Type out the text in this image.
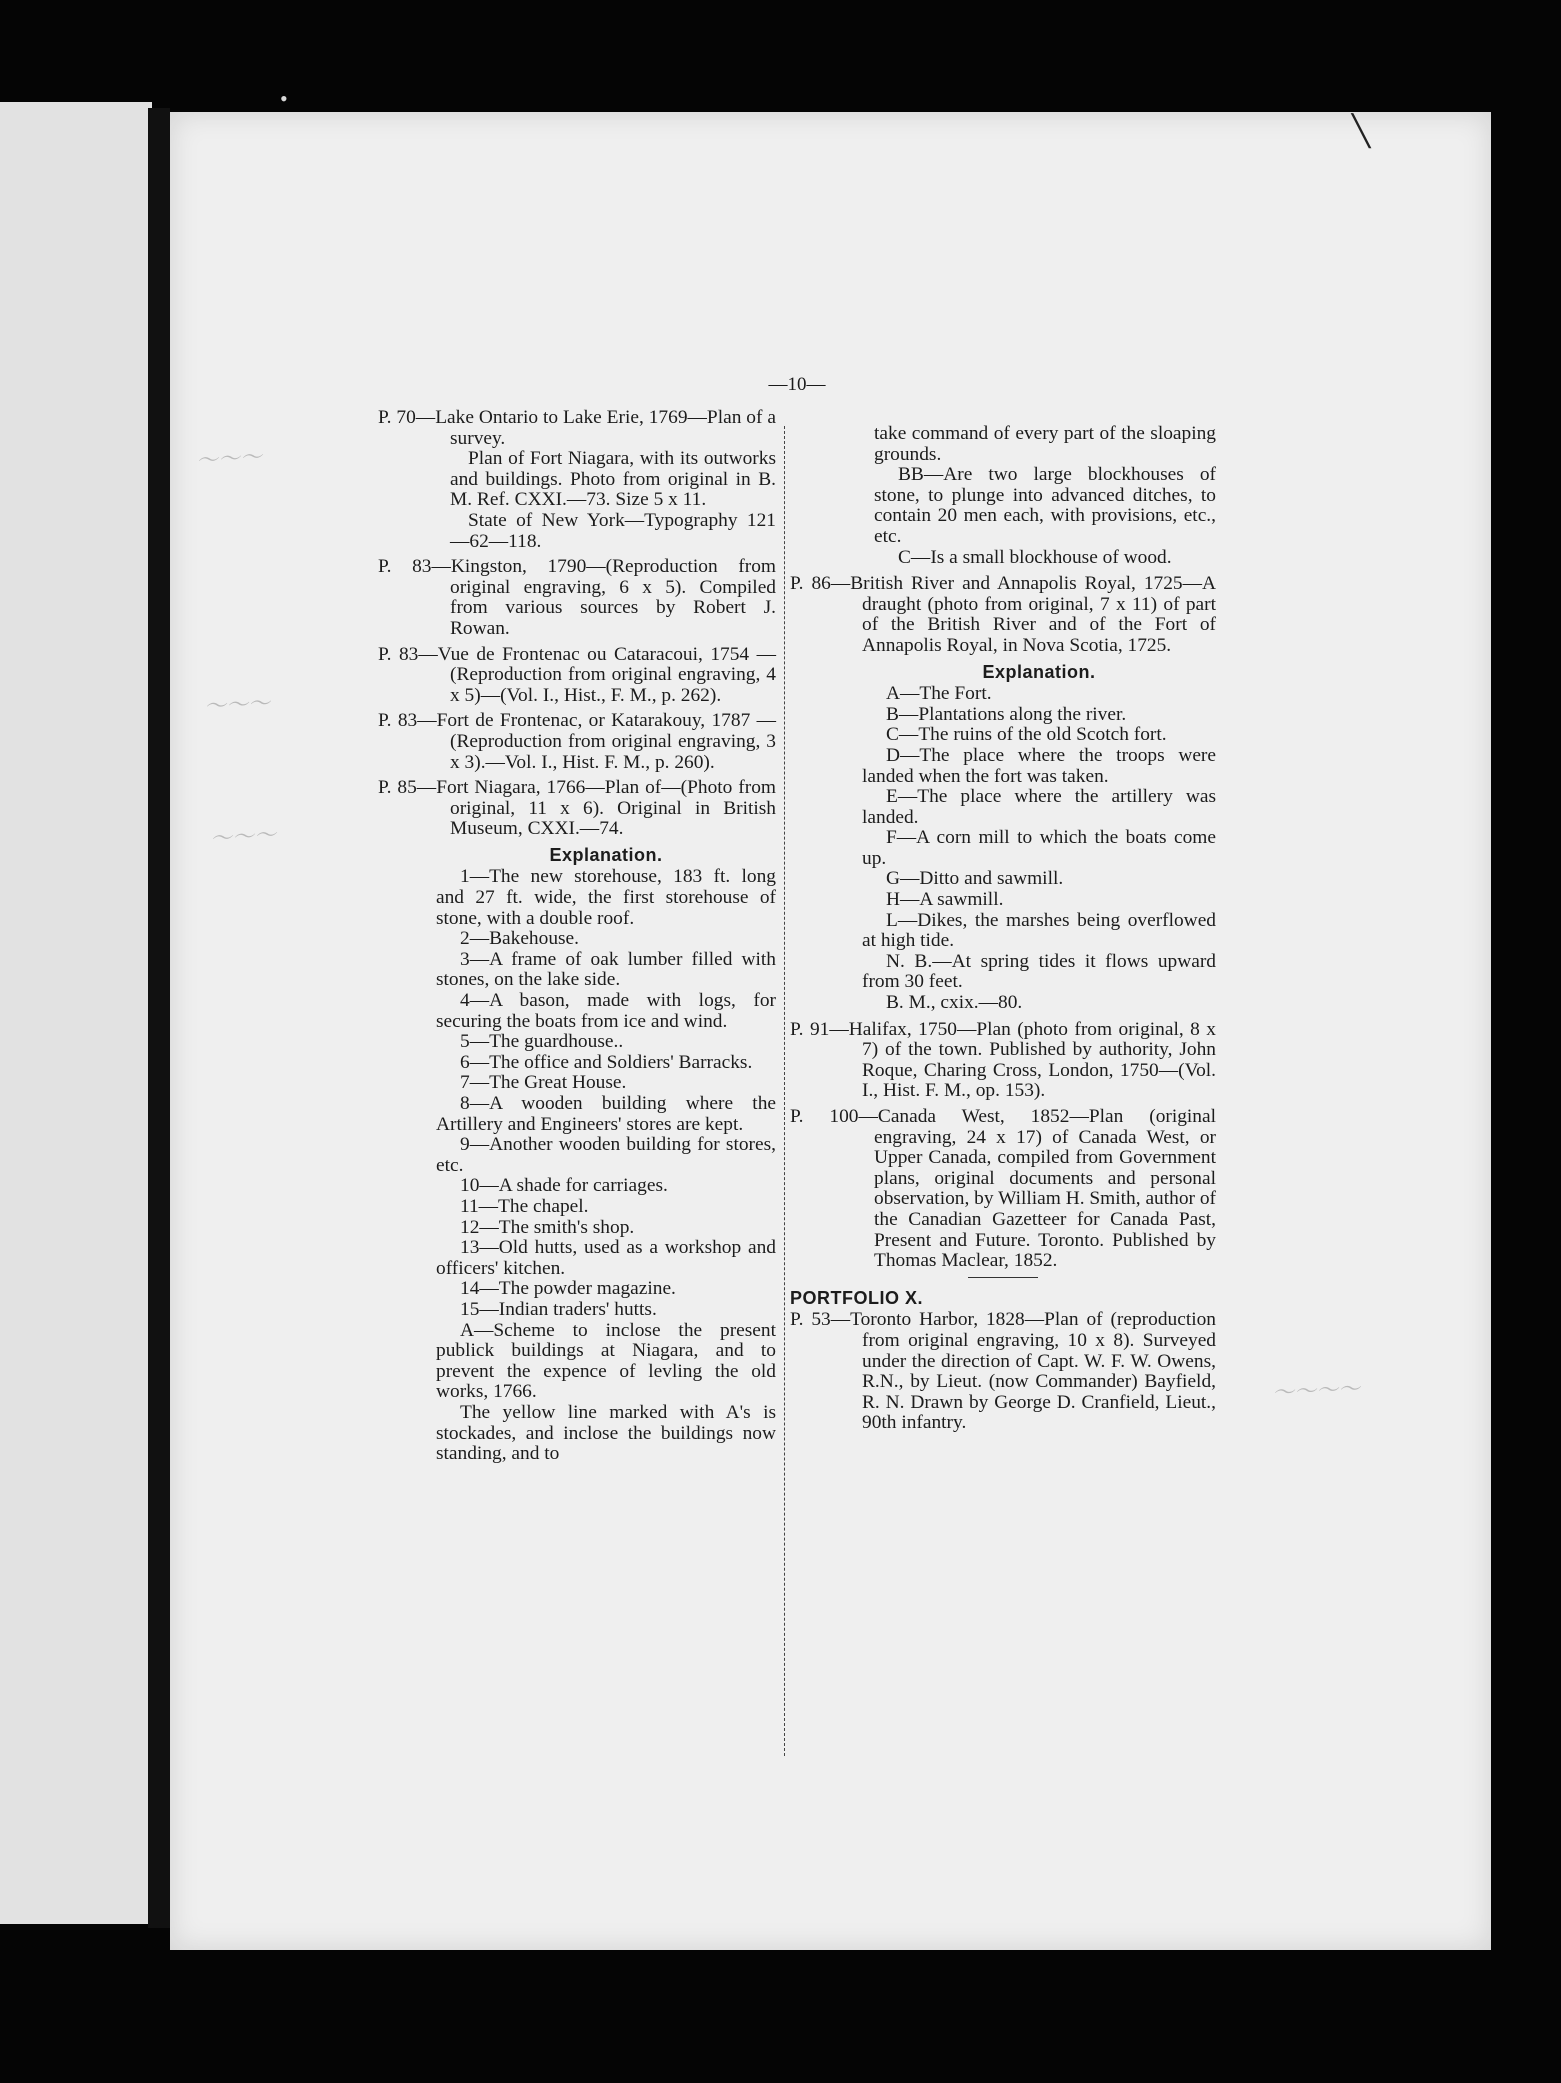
•
╲
—10—
～～～
～～～
～～～
～～～～
P. 70—Lake Ontario to Lake Erie, 1769—Plan of a survey.
Plan of Fort Niagara, with its outworks and buildings. Photo from original in B. M. Ref. CXXI.—73. Size 5 x 11.
State of New York—Typography 121—62—118.
P. 83—Kingston, 1790—(Reproduction from original engraving, 6 x 5). Compiled from various sources by Robert J. Rowan.
P. 83—Vue de Frontenac ou Cataracoui, 1754 — (Reproduction from original engraving, 4 x 5)—(Vol. I., Hist., F. M., p. 262).
P. 83—Fort de Frontenac, or Katarakouy, 1787 — (Reproduction from original engraving, 3 x 3).—Vol. I., Hist. F. M., p. 260).
P. 85—Fort Niagara, 1766—Plan of—(Photo from original, 11 x 6). Original in British Museum, CXXI.—74.
Explanation.

1—The new storehouse, 183 ft. long and 27 ft. wide, the first storehouse of stone, with a double roof.

2—Bakehouse.

3—A frame of oak lumber filled with stones, on the lake side.

4—A bason, made with logs, for securing the boats from ice and wind.

5—The guardhouse..

6—The office and Soldiers' Barracks.

7—The Great House.

8—A wooden building where the Artillery and Engineers' stores are kept.

9—Another wooden building for stores, etc.

10—A shade for carriages.

11—The chapel.

12—The smith's shop.

13—Old hutts, used as a workshop and officers' kitchen.

14—The powder magazine.

15—Indian traders' hutts.

A—Scheme to inclose the present publick buildings at Niagara, and to prevent the expence of levling the old works, 1766.

The yellow line marked with A's is stockades, and inclose the buildings now standing, and to

take command of every part of the sloaping grounds.

BB—Are two large blockhouses of stone, to plunge into advanced ditches, to contain 20 men each, with provisions, etc., etc.

C—Is a small blockhouse of wood.

P. 86—British River and Annapolis Royal, 1725—A draught (photo from original, 7 x 11) of part of the British River and of the Fort of Annapolis Royal, in Nova Scotia, 1725.
Explanation.

A—The Fort.

B—Plantations along the river.

C—The ruins of the old Scotch fort.

D—The place where the troops were landed when the fort was taken.

E—The place where the artillery was landed.

F—A corn mill to which the boats come up.

G—Ditto and sawmill.

H—A sawmill.

L—Dikes, the marshes being overflowed at high tide.

N. B.—At spring tides it flows upward from 30 feet.

B. M., cxix.—80.

P. 91—Halifax, 1750—Plan (photo from original, 8 x 7) of the town. Published by authority, John Roque, Charing Cross, London, 1750—(Vol. I., Hist. F. M., op. 153).
P. 100—Canada West, 1852—Plan (original engraving, 24 x 17) of Canada West, or Upper Canada, compiled from Government plans, original documents and personal observation, by William H. Smith, author of the Canadian Gazetteer for Canada Past, Present and Future. Toronto. Published by Thomas Maclear, 1852.
PORTFOLIO X.
P. 53—Toronto Harbor, 1828—Plan of (reproduction from original engraving, 10 x 8). Surveyed under the direction of Capt. W. F. W. Owens, R.N., by Lieut. (now Commander) Bayfield, R. N. Drawn by George D. Cranfield, Lieut., 90th infantry.
